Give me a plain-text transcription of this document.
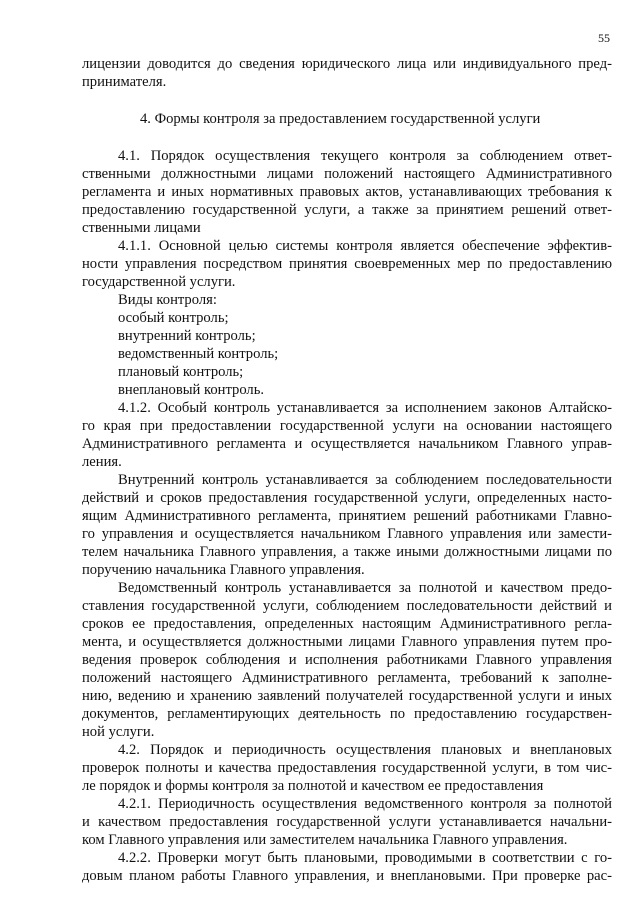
55
лицензии доводится до сведения юридического лица или индивидуального пред-
принимателя.
4. Формы контроля за предоставлением государственной услуги
4.1. Порядок осуществления текущего контроля за соблюдением ответ-
ственными должностными лицами положений настоящего Административного
регламента и иных нормативных правовых актов, устанавливающих требования к
предоставлению государственной услуги, а также за принятием решений ответ-
ственными лицами
4.1.1. Основной целью системы контроля является обеспечение эффектив-
ности управления посредством принятия своевременных мер по предоставлению
государственной услуги.
Виды контроля:
особый контроль;
внутренний контроль;
ведомственный контроль;
плановый контроль;
внеплановый контроль.
4.1.2. Особый контроль устанавливается за исполнением законов Алтайско-
го края при предоставлении государственной услуги на основании настоящего
Административного регламента и осуществляется начальником Главного управ-
ления.
Внутренний контроль устанавливается за соблюдением последовательности
действий и сроков предоставления государственной услуги, определенных насто-
ящим Административного регламента, принятием решений работниками Главно-
го управления и осуществляется начальником Главного управления или замести-
телем начальника Главного управления, а также иными должностными лицами по
поручению начальника Главного управления.
Ведомственный контроль устанавливается за полнотой и качеством предо-
ставления государственной услуги, соблюдением последовательности действий и
сроков ее предоставления, определенных настоящим Административного регла-
мента, и осуществляется должностными лицами Главного управления путем про-
ведения проверок соблюдения и исполнения работниками Главного управления
положений настоящего Административного регламента, требований к заполне-
нию, ведению и хранению заявлений получателей государственной услуги и иных
документов, регламентирующих деятельность по предоставлению государствен-
ной услуги.
4.2. Порядок и периодичность осуществления плановых и внеплановых
проверок полноты и качества предоставления государственной услуги, в том чис-
ле порядок и формы контроля за полнотой и качеством ее предоставления
4.2.1. Периодичность осуществления ведомственного контроля за полнотой
и качеством предоставления государственной услуги устанавливается начальни-
ком Главного управления или заместителем начальника Главного управления.
4.2.2. Проверки могут быть плановыми, проводимыми в соответствии с го-
довым планом работы Главного управления, и внеплановыми. При проверке рас-
